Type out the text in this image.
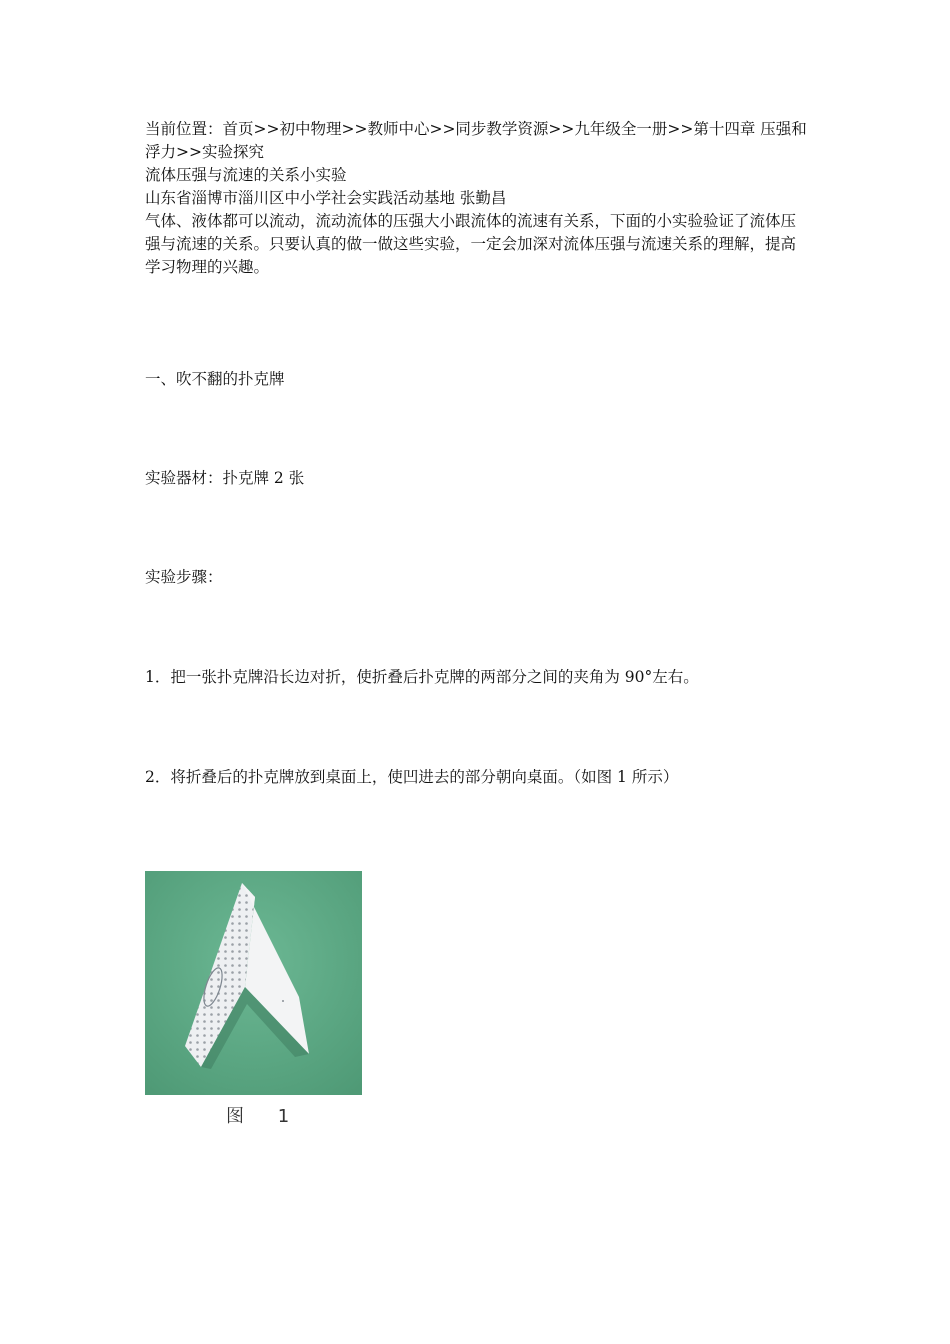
当前位置：首页>>初中物理>>教师中心>>同步教学资源>>九年级全一册>>第十四章 压强和浮力>>实验探究
流体压强与流速的关系小实验
山东省淄博市淄川区中小学社会实践活动基地 张勤昌
气体、液体都可以流动，流动流体的压强大小跟流体的流速有关系，下面的小实验验证了流体压强与流速的关系。只要认真的做一做这些实验，一定会加深对流体压强与流速关系的理解，提高学习物理的兴趣。
一、吹不翻的扑克牌
实验器材：扑克牌 2 张
实验步骤：
1．把一张扑克牌沿长边对折，使折叠后扑克牌的两部分之间的夹角为 90°左右。
2．将折叠后的扑克牌放到桌面上，使凹进去的部分朝向桌面。（如图 1 所示）
图 1
